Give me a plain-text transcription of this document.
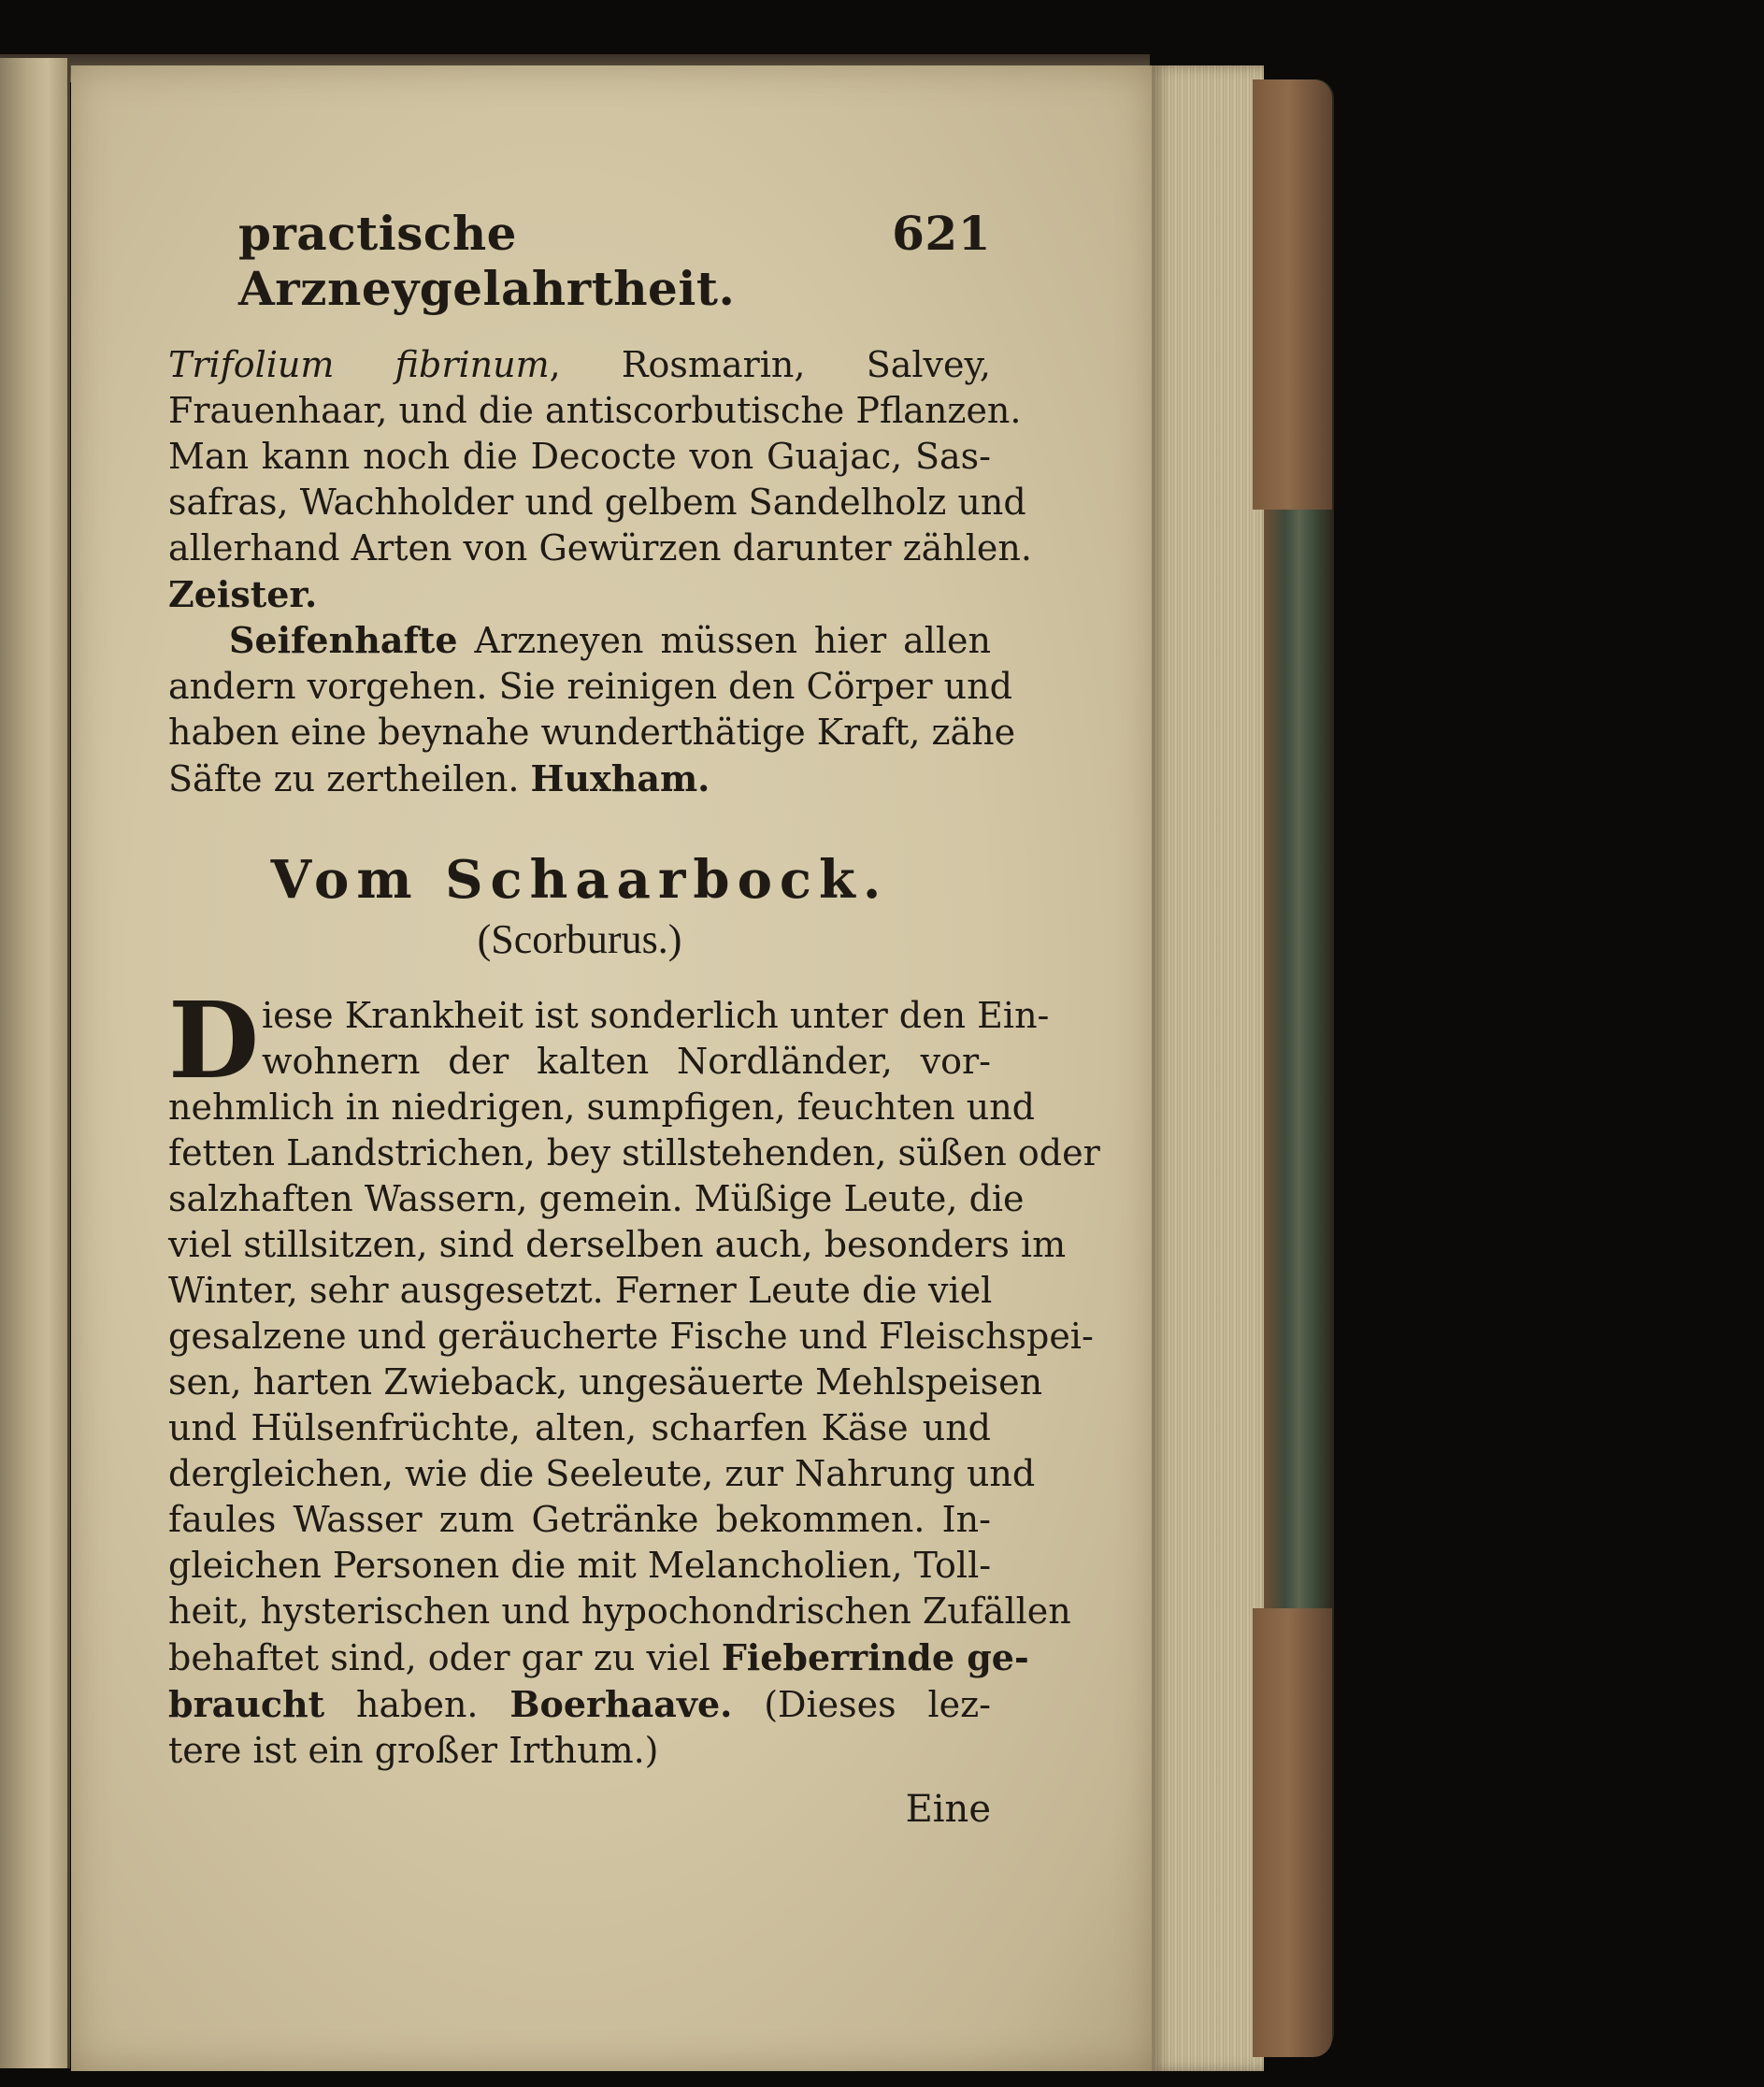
practische Arzneygelahrtheit.
621
Trifolium fibrinum, Rosmarin, Salvey,
Frauenhaar, und die antiscorbutische Pflanzen.
Man kann noch die Decocte von Guajac, Sas-
safras, Wachholder und gelbem Sandelholz und
allerhand Arten von Gewürzen darunter zählen.
Zeister.
Seifenhafte Arzneyen müssen hier allen
andern vorgehen. Sie reinigen den Cörper und
haben eine beynahe wunderthätige Kraft, zähe
Säfte zu zertheilen. Huxham.
Vom Schaarbock.
(Scorburus.)
D iese Krankheit ist sonderlich unter den Ein-
wohnern der kalten Nordländer, vor-
nehmlich in niedrigen, sumpfigen, feuchten und
fetten Landstrichen, bey stillstehenden, süßen oder
salzhaften Wassern, gemein. Müßige Leute, die
viel stillsitzen, sind derselben auch, besonders im
Winter, sehr ausgesetzt. Ferner Leute die viel
gesalzene und geräucherte Fische und Fleischspei-
sen, harten Zwieback, ungesäuerte Mehlspeisen
und Hülsenfrüchte, alten, scharfen Käse und
dergleichen, wie die Seeleute, zur Nahrung und
faules Wasser zum Getränke bekommen. In-
gleichen Personen die mit Melancholien, Toll-
heit, hysterischen und hypochondrischen Zufällen
behaftet sind, oder gar zu viel Fieberrinde ge-
braucht haben. Boerhaave. (Dieses lez-
tere ist ein großer Irthum.)
Eine
